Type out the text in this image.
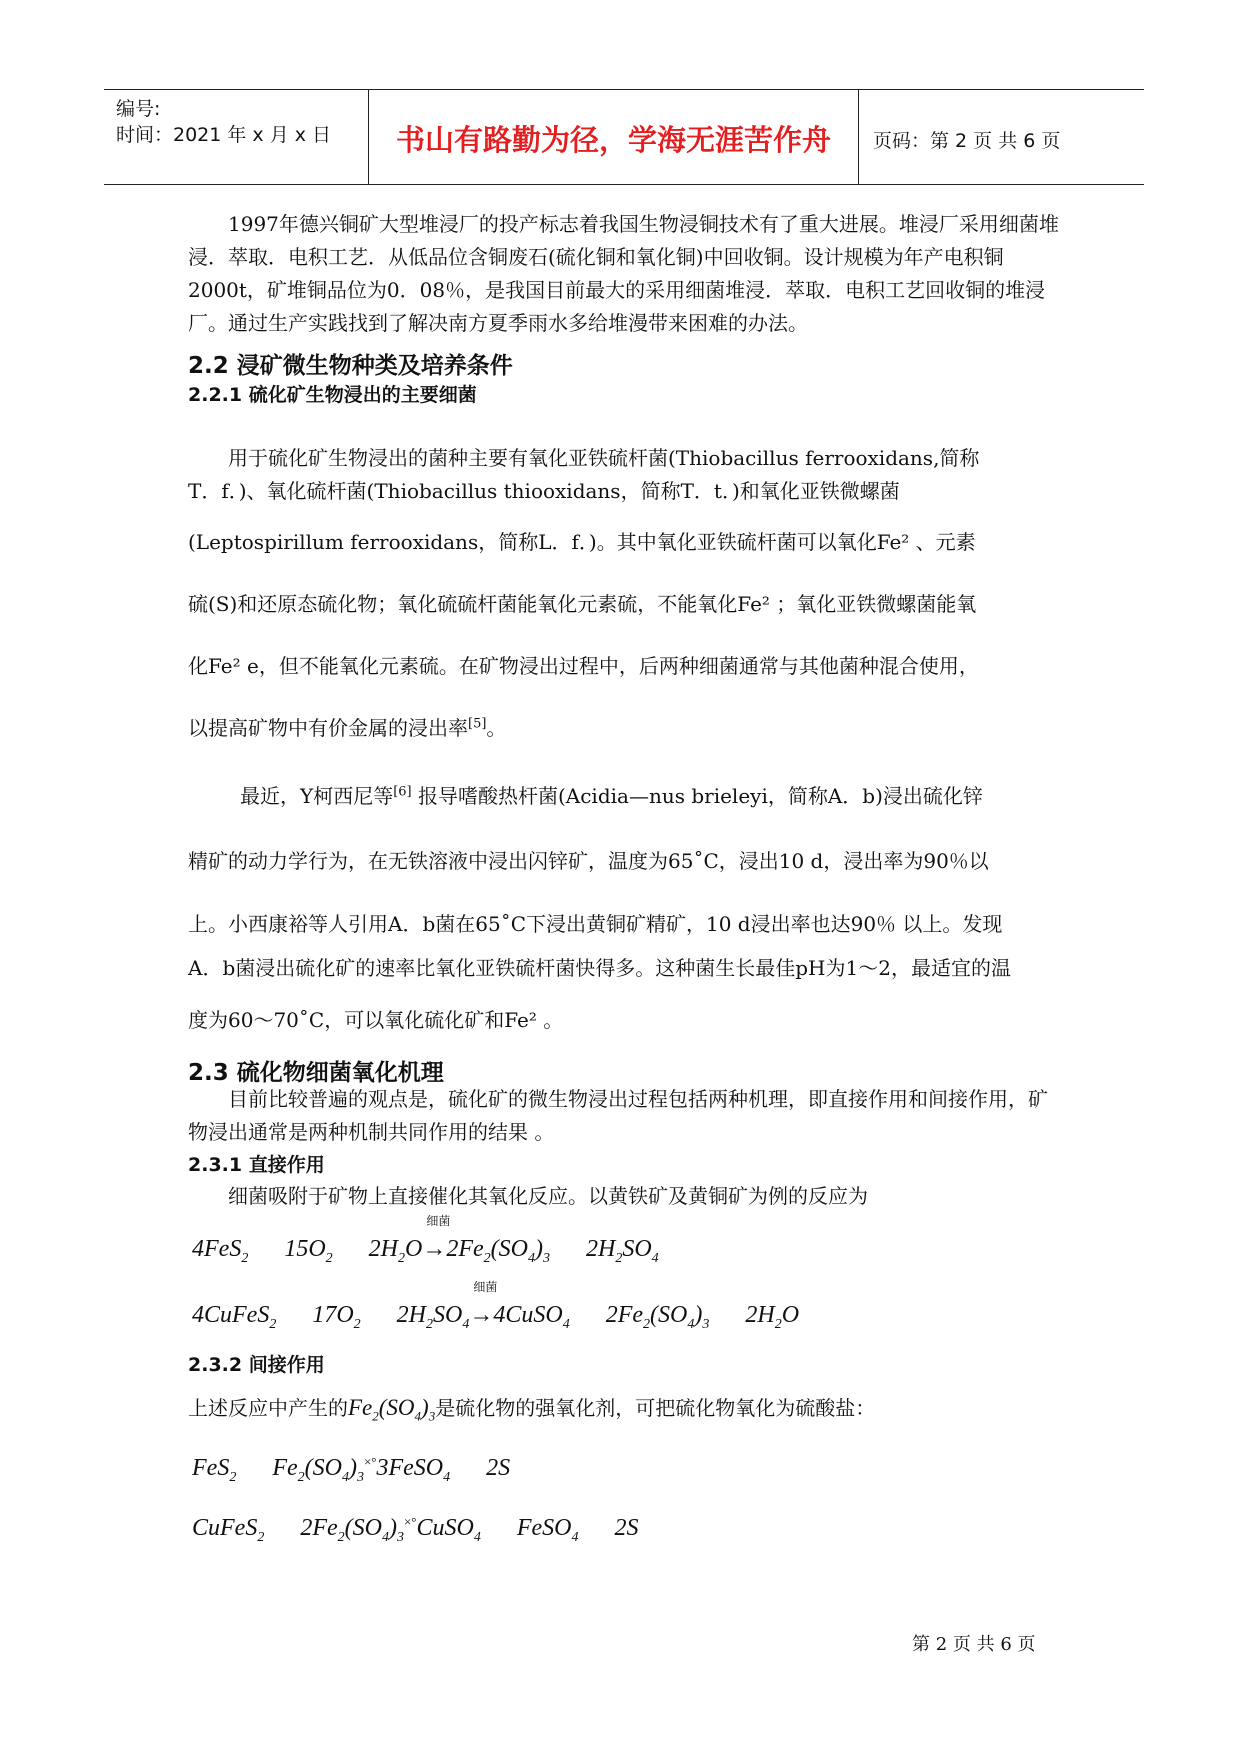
编号:
时间：2021 年 x 月 x 日	书山有路勤为径，学海无涯苦作舟	页码：第 2 页 共 6 页
1997年德兴铜矿大型堆浸厂的投产标志着我国生物浸铜技术有了重大进展。堆浸厂采用细菌堆浸．萃取．电积工艺．从低品位含铜废石(硫化铜和氧化铜)中回收铜。设计规模为年产电积铜2000t，矿堆铜品位为0．08％，是我国目前最大的采用细菌堆浸．萃取．电积工艺回收铜的堆浸厂。通过生产实践找到了解决南方夏季雨水多给堆漫带来困难的办法。
2.2 浸矿微生物种类及培养条件
2.2.1 硫化矿生物浸出的主要细菌
用于硫化矿生物浸出的菌种主要有氧化亚铁硫杆菌(Thiobacillus ferrooxidans,简称
T．f．)、氧化硫杆菌(Thiobacillus thiooxidans，简称T．t．)和氧化亚铁微螺菌
(Leptospirillum ferrooxidans，简称L．f．)。其中氧化亚铁硫杆菌可以氧化Fe² 、元素
硫(S)和还原态硫化物；氧化硫硫杆菌能氧化元素硫，不能氧化Fe² ；氧化亚铁微螺菌能氧
化Fe² e，但不能氧化元素硫。在矿物浸出过程中，后两种细菌通常与其他菌种混合使用，
以提高矿物中有价金属的浸出率[5]。
最近，Y柯西尼等[6] 报导嗜酸热杆菌(Acidia—nus brieleyi，简称A．b)浸出硫化锌
精矿的动力学行为，在无铁溶液中浸出闪锌矿，温度为65˚C，浸出10 d，浸出率为90％以
上。小西康裕等人引用A．b菌在65˚C下浸出黄铜矿精矿，10 d浸出率也达90％ 以上。发现
A．b菌浸出硫化矿的速率比氧化亚铁硫杆菌快得多。这种菌生长最佳pH为1～2，最适宜的温
度为60～70˚C，可以氧化硫化矿和Fe² 。
2.3 硫化物细菌氧化机理
目前比较普遍的观点是，硫化矿的微生物浸出过程包括两种机理，即直接作用和间接作用，矿物浸出通常是两种机制共同作用的结果 。
2.3.1 直接作用
细菌吸附于矿物上直接催化其氧化反应。以黄铁矿及黄铜矿为例的反应为
4FeS$_2$ $15O_2$ $2H_2O\to$
细菌
$2Fe_2(SO_4)_3$ $2H_2SO_4$
4CuFeS$_2$ $17O_2$ $2H_2SO_4\to$
细菌
4CuSO$_4$ $2Fe_2(SO_4)_3$ $2H_2O$
2.3.2 间接作用
上述反应中产生的$Fe_2(SO_4)_3$是硫化物的强氧化剂，可把硫化物氧化为硫酸盐：
FeS$_2$ $Fe_2(SO_4)_3^{\times^\circ}3FeSO_4$ 2S
CuFeS$_2$ $2Fe_2(SO_4)_3^{\times^\circ}CuSO_4$ FeSO$_4$ 2S
第 2 页 共 6 页
